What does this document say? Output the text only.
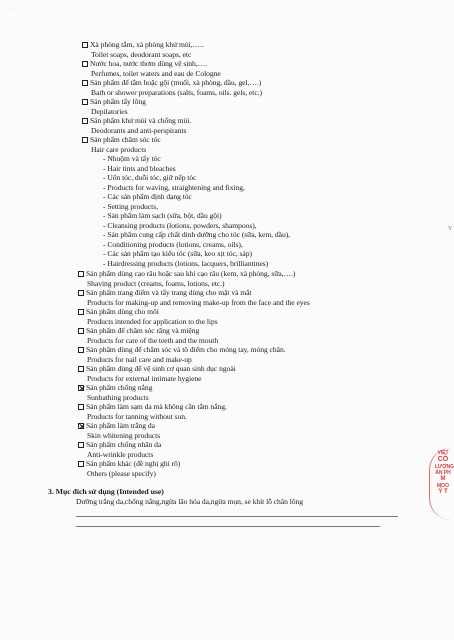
· · ·
Xà phòng tắm, xà phòng khử mùi,…..
Toilet soaps, deodorant soaps, etc
Nước hoa, nước thơm dùng vệ sinh,….
Perfumes, toilet waters and eau de Cologne
Sản phẩm để tắm hoặc gội (muối, xà phòng, dầu, gel,….)
Bath or shower preparations (salts, foams, oils. gels, etc.)
Sản phẩm tẩy lông
Depilatories
Sản phẩm khử mùi và chống mùi.
Deodorants and anti-perspirants
Sản phẩm chăm sóc tóc
Hair care products
- Nhuộm và tẩy tóc
- Hair tints and bleaches
- Uốn tóc, duỗi tóc, giữ nếp tóc
- Products for waving, straightening and fixing,
- Các sản phẩm định dạng tóc
- Setting products,
- Sản phẩm làm sạch (sữa, bột, dầu gội)
- Cleansing products (lotions, powders, shampoos),
- Sản phẩm cung cấp chất dinh dưỡng cho tóc (sữa, kem, dầu),
- Conditioning products (lotions, creams, oils),
- Các sản phẩm tạo kiểu tóc (sữa, keo xịt tóc, sáp)
- Hairdressing products (lotions, lacquers, brilliantines)
Sản phẩm dùng cạo râu hoặc sau khi cạo râu (kem, xà phòng, sữa,….)
Shaving product (creams, foams, lotions, etc.)
Sản phẩm trang điểm và tẩy trang dùng cho mặt và mắt
Products for making-up and removing make-up from the face and the eyes
Sản phẩm dùng cho môi
Products intended for application to the lips
Sản phẩm để chăm sóc răng và miệng
Products for care of the teeth and the mouth
Sản phẩm dùng để chăm sóc và tô điểm cho móng tay, móng chân.
Products for nail care and make-up
Sản phẩm dùng để vệ sinh cơ quan sinh dục ngoài
Products for external intimate hygiene
Sản phẩm chống nắng
Sunbathing products
Sản phẩm làm sạm da mà không cần tắm nắng.
Products for tanning without sun.
Sản phẩm làm trắng da
Skin whitening products
Sản phẩm chống nhăn da
Anti-wrinkle products
Sản phẩm khác (đề nghị ghi rõ)
Others (please specify)
3. Mục đích sử dụng (Intended use)
Dưỡng trắng da,chống nắng,ngừa lão hóa da,ngừa mụn, se khít lỗ chân lông
VIỆT
CÔ
LƯỢNG
ẢN PH
M
MOO
Ý T
Y
